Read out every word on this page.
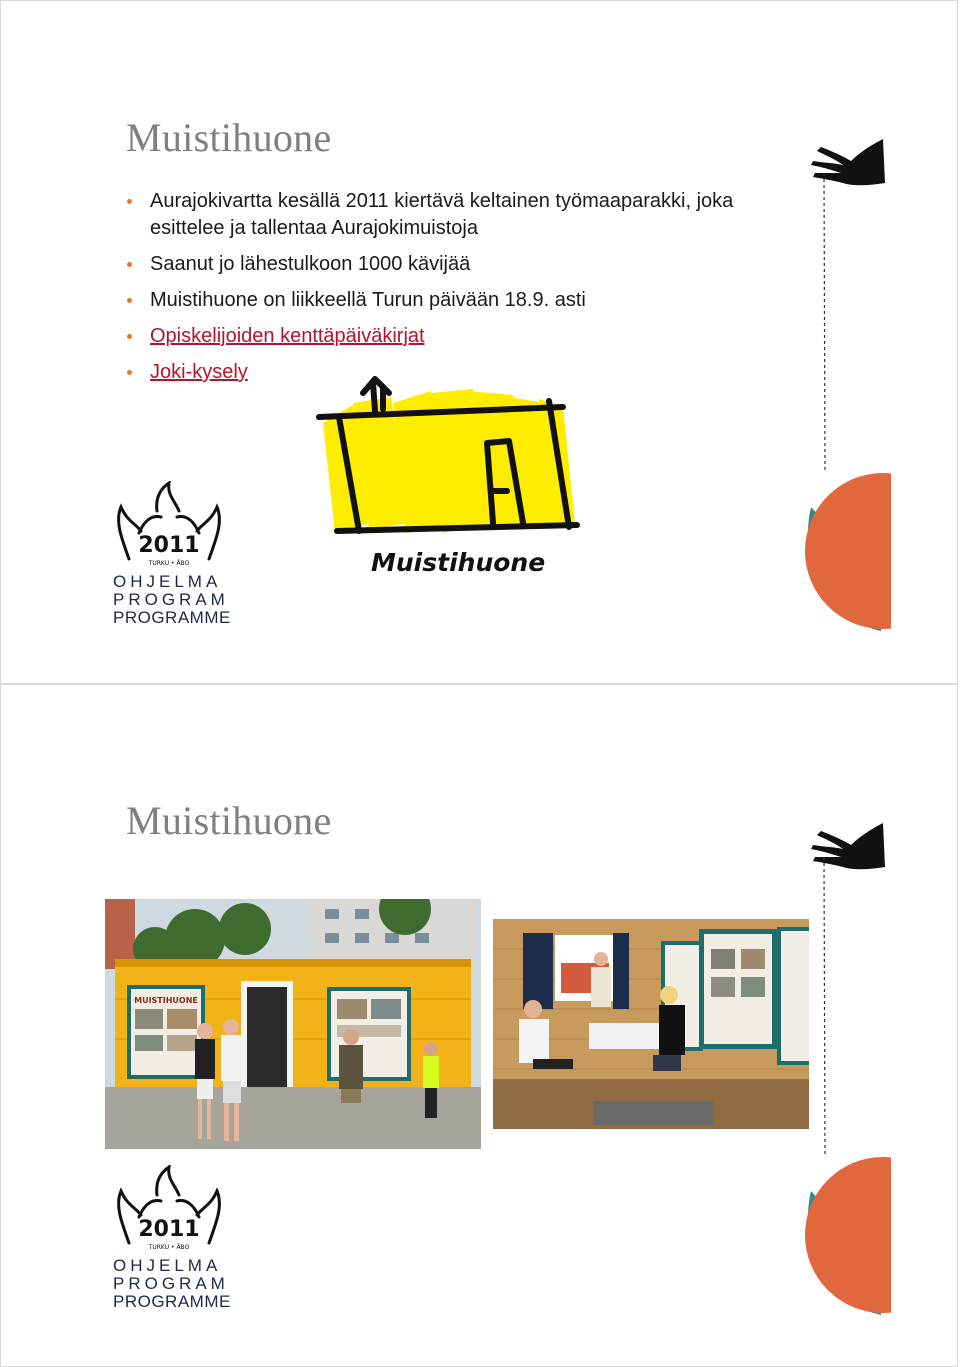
Muistihuone
Aurajokivartta kesällä 2011 kiertävä keltainen työmaaparakki, joka esittelee ja tallentaa Aurajokimuistoja
Saanut jo lähestulkoon 1000 kävijää
Muistihuone on liikkeellä Turun päivään 18.9. asti
Opiskelijoiden kenttäpäiväkirjat
Joki-kysely
Muistihuone
2011
TURKU • ÅBO
OHJELMA
PROGRAM
PROGRAMME
Muistihuone
MUISTIHUONE
2011
TURKU • ÅBO
OHJELMA
PROGRAM
PROGRAMME
